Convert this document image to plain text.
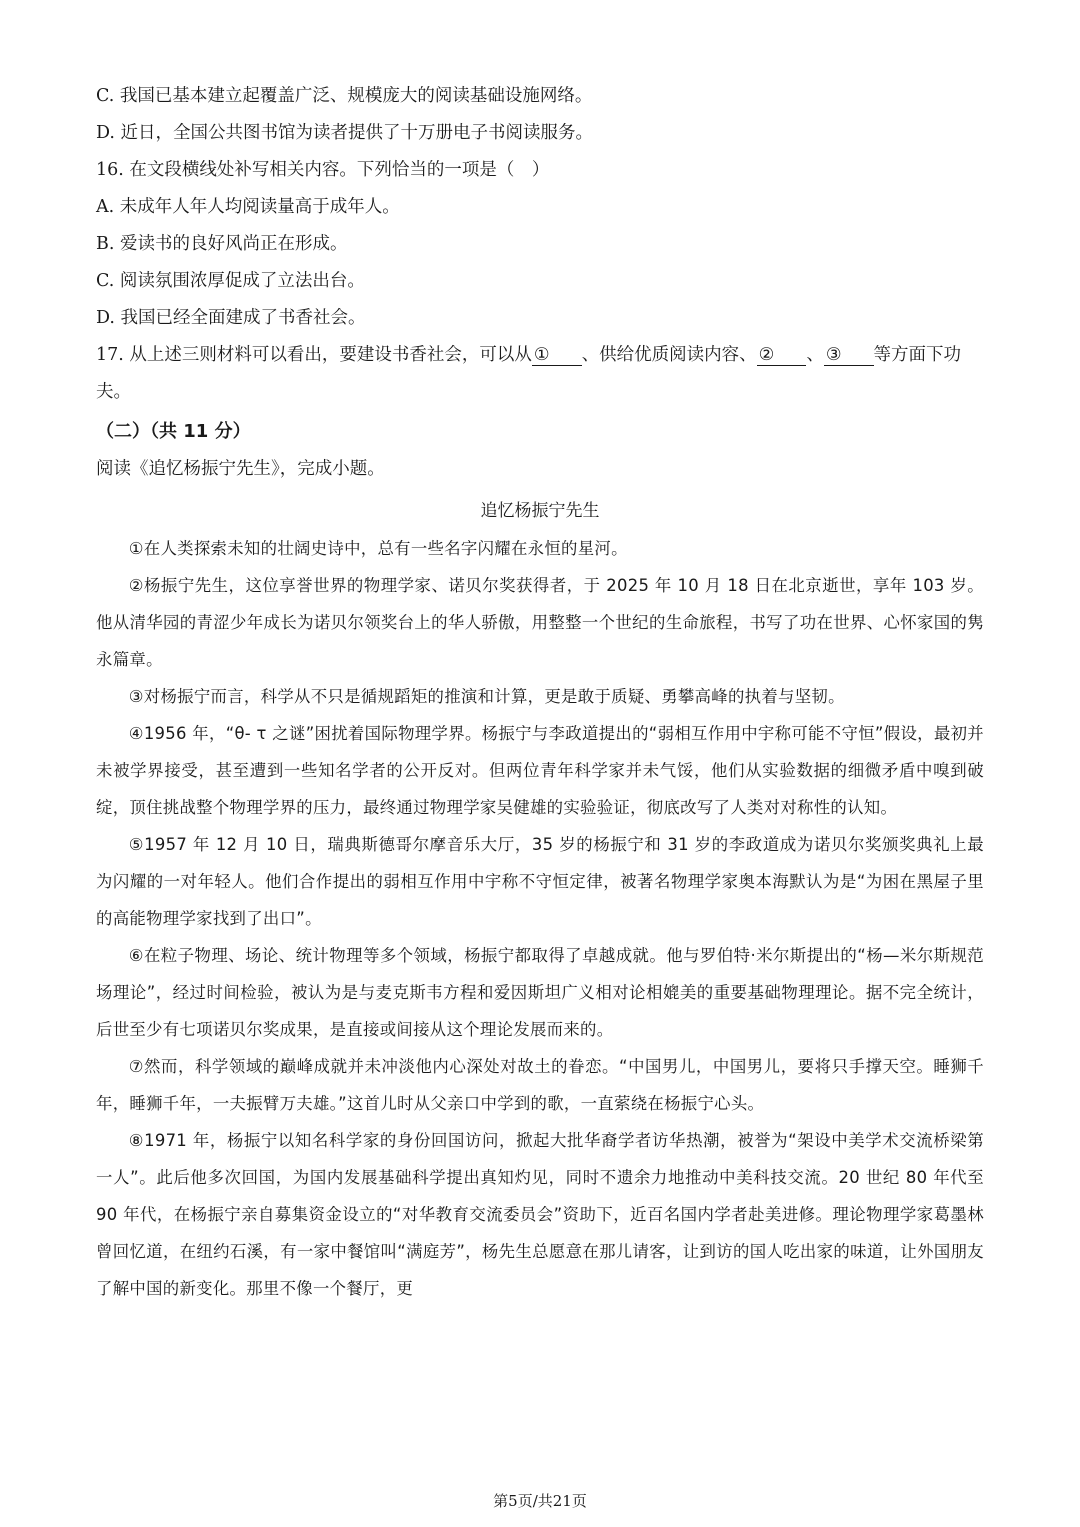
C. 我国已基本建立起覆盖广泛、规模庞大的阅读基础设施网络。
D. 近日，全国公共图书馆为读者提供了十万册电子书阅读服务。
16. 在文段横线处补写相关内容。下列恰当的一项是（　）
A. 未成年人年人均阅读量高于成年人。
B. 爱读书的良好风尚正在形成。
C. 阅读氛围浓厚促成了立法出台。
D. 我国已经全面建成了书香社会。
17. 从上述三则材料可以看出，要建设书香社会，可以从 ① 、供给优质阅读内容、 ② 、 ③ 等方面下功夫。
（二）（共 11 分）
阅读《追忆杨振宁先生》，完成小题。
追忆杨振宁先生
①在人类探索未知的壮阔史诗中，总有一些名字闪耀在永恒的星河。
②杨振宁先生，这位享誉世界的物理学家、诺贝尔奖获得者，于 2025 年 10 月 18 日在北京逝世，享年 103 岁。他从清华园的青涩少年成长为诺贝尔领奖台上的华人骄傲，用整整一个世纪的生命旅程，书写了功在世界、心怀家国的隽永篇章。
③对杨振宁而言，科学从不只是循规蹈矩的推演和计算，更是敢于质疑、勇攀高峰的执着与坚韧。
④1956 年，“θ- τ 之谜”困扰着国际物理学界。杨振宁与李政道提出的“弱相互作用中宇称可能不守恒”假设，最初并未被学界接受，甚至遭到一些知名学者的公开反对。但两位青年科学家并未气馁，他们从实验数据的细微矛盾中嗅到破绽，顶住挑战整个物理学界的压力，最终通过物理学家吴健雄的实验验证，彻底改写了人类对对称性的认知。
⑤1957 年 12 月 10 日，瑞典斯德哥尔摩音乐大厅，35 岁的杨振宁和 31 岁的李政道成为诺贝尔奖颁奖典礼上最为闪耀的一对年轻人。他们合作提出的弱相互作用中宇称不守恒定律，被著名物理学家奥本海默认为是“为困在黑屋子里的高能物理学家找到了出口”。
⑥在粒子物理、场论、统计物理等多个领域，杨振宁都取得了卓越成就。他与罗伯特·米尔斯提出的“杨—米尔斯规范场理论”，经过时间检验，被认为是与麦克斯韦方程和爱因斯坦广义相对论相媲美的重要基础物理理论。据不完全统计，后世至少有七项诺贝尔奖成果，是直接或间接从这个理论发展而来的。
⑦然而，科学领域的巅峰成就并未冲淡他内心深处对故土的眷恋。“中国男儿，中国男儿，要将只手撑天空。睡狮千年，睡狮千年，一夫振臂万夫雄。”这首儿时从父亲口中学到的歌，一直萦绕在杨振宁心头。
⑧1971 年，杨振宁以知名科学家的身份回国访问，掀起大批华裔学者访华热潮，被誉为“架设中美学术交流桥梁第一人”。此后他多次回国，为国内发展基础科学提出真知灼见，同时不遗余力地推动中美科技交流。20 世纪 80 年代至 90 年代，在杨振宁亲自募集资金设立的“对华教育交流委员会”资助下，近百名国内学者赴美进修。理论物理学家葛墨林曾回忆道，在纽约石溪，有一家中餐馆叫“满庭芳”，杨先生总愿意在那儿请客，让到访的国人吃出家的味道，让外国朋友了解中国的新变化。那里不像一个餐厅，更
第5页/共21页
